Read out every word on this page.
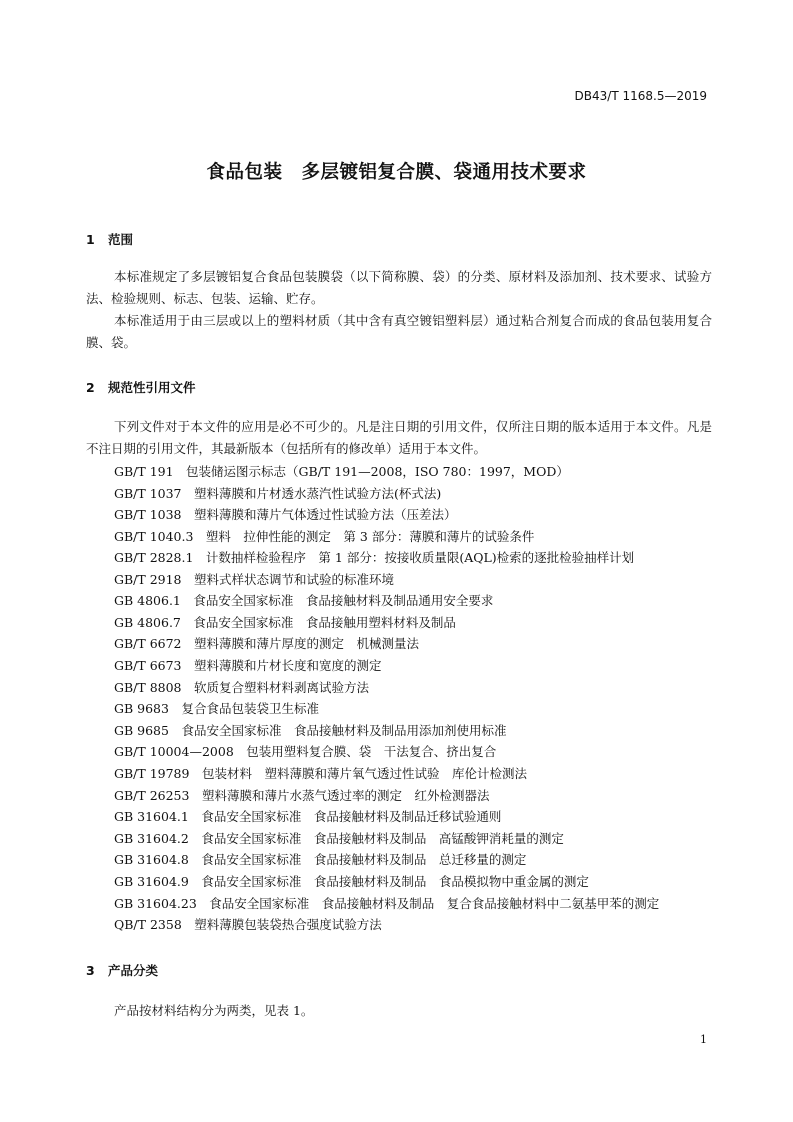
DB43/T 1168.5—2019
食品包装　多层镀铝复合膜、袋通用技术要求
1 范围
本标准规定了多层镀铝复合食品包装膜袋（以下简称膜、袋）的分类、原材料及添加剂、技术要求、试验方法、检验规则、标志、包装、运输、贮存。
本标准适用于由三层或以上的塑料材质（其中含有真空镀铝塑料层）通过粘合剂复合而成的食品包装用复合膜、袋。
2 规范性引用文件
下列文件对于本文件的应用是必不可少的。凡是注日期的引用文件，仅所注日期的版本适用于本文件。凡是不注日期的引用文件，其最新版本（包括所有的修改单）适用于本文件。
GB/T 191　包装储运图示标志（GB/T 191—2008，ISO 780：1997，MOD）
GB/T 1037　塑料薄膜和片材透水蒸汽性试验方法(杯式法)
GB/T 1038　塑料薄膜和薄片气体透过性试验方法（压差法）
GB/T 1040.3　塑料　拉伸性能的测定　第 3 部分：薄膜和薄片的试验条件
GB/T 2828.1　计数抽样检验程序　第 1 部分：按接收质量限(AQL)检索的逐批检验抽样计划
GB/T 2918　塑料式样状态调节和试验的标准环境
GB 4806.1　食品安全国家标准　食品接触材料及制品通用安全要求
GB 4806.7　食品安全国家标准　食品接触用塑料材料及制品
GB/T 6672　塑料薄膜和薄片厚度的测定　机械测量法
GB/T 6673　塑料薄膜和片材长度和宽度的测定
GB/T 8808　软质复合塑料材料剥离试验方法
GB 9683　复合食品包装袋卫生标准
GB 9685　食品安全国家标准　食品接触材料及制品用添加剂使用标准
GB/T 10004—2008　包装用塑料复合膜、袋　干法复合、挤出复合
GB/T 19789　包装材料　塑料薄膜和薄片氧气透过性试验　库伦计检测法
GB/T 26253　塑料薄膜和薄片水蒸气透过率的测定　红外检测器法
GB 31604.1　食品安全国家标准　食品接触材料及制品迁移试验通则
GB 31604.2　食品安全国家标准　食品接触材料及制品　高锰酸钾消耗量的测定
GB 31604.8　食品安全国家标准　食品接触材料及制品　总迁移量的测定
GB 31604.9　食品安全国家标准　食品接触材料及制品　食品模拟物中重金属的测定
GB 31604.23　食品安全国家标准　食品接触材料及制品　复合食品接触材料中二氨基甲苯的测定
QB/T 2358　塑料薄膜包装袋热合强度试验方法
3 产品分类
产品按材料结构分为两类，见表 1。
1
